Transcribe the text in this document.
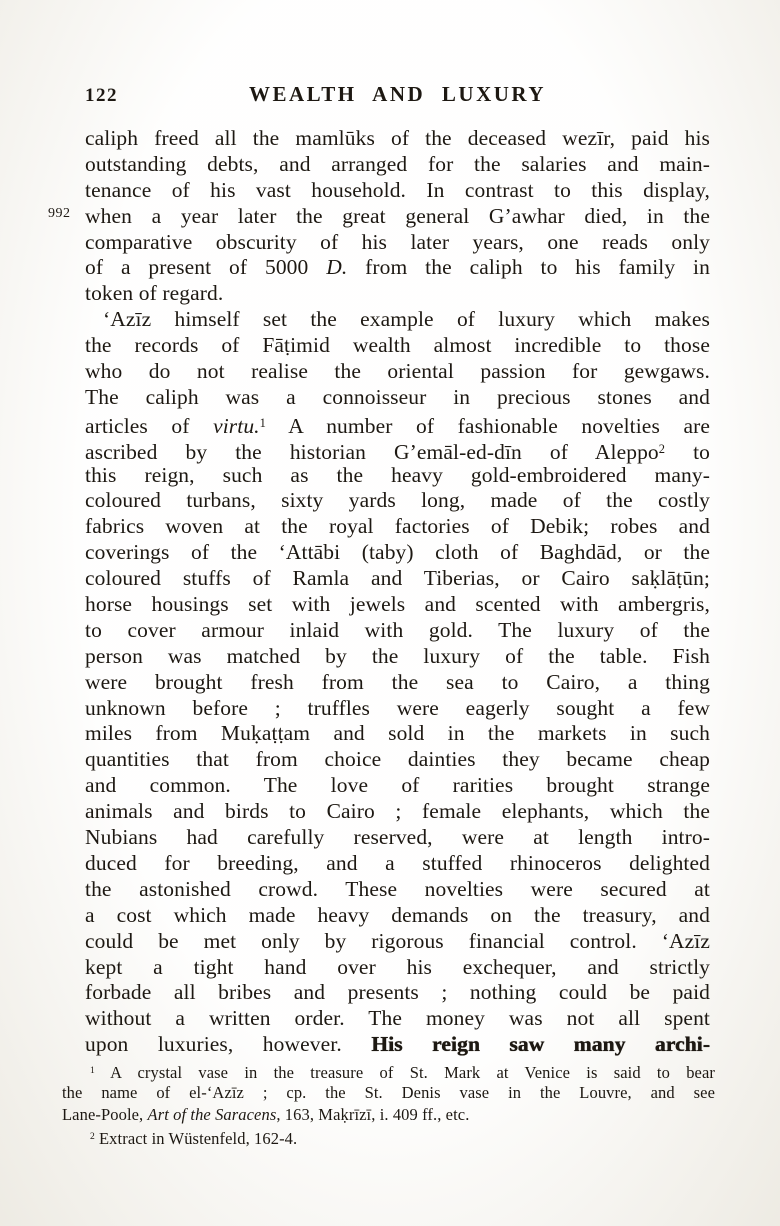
122	WEALTH AND LUXURY
992
caliph freed all the mamlūks of the deceased wezīr, paid his
outstanding debts, and arranged for the salaries and main-
tenance of his vast household. In contrast to this display,
when a year later the great general G’awhar died, in the
comparative obscurity of his later years, one reads only
of a present of 5000 D. from the caliph to his family in
token of regard.
‘Azīz himself set the example of luxury which makes
the records of Fāṭimid wealth almost incredible to those
who do not realise the oriental passion for gewgaws.
The caliph was a connoisseur in precious stones and
articles of virtu.$^1$ A number of fashionable novelties are
ascribed by the historian G’emāl-ed-dīn of Aleppo$^2$ to
this reign, such as the heavy gold-embroidered many-
coloured turbans, sixty yards long, made of the costly
fabrics woven at the royal factories of Debik; robes and
coverings of the ‘Attābi (taby) cloth of Baghdād, or the
coloured stuffs of Ramla and Tiberias, or Cairo saḳlāṭūn;
horse housings set with jewels and scented with ambergris,
to cover armour inlaid with gold. The luxury of the
person was matched by the luxury of the table. Fish
were brought fresh from the sea to Cairo, a thing
unknown before ; truffles were eagerly sought a few
miles from Muḳaṭṭam and sold in the markets in such
quantities that from choice dainties they became cheap
and common. The love of rarities brought strange
animals and birds to Cairo ; female elephants, which the
Nubians had carefully reserved, were at length intro-
duced for breeding, and a stuffed rhinoceros delighted
the astonished crowd. These novelties were secured at
a cost which made heavy demands on the treasury, and
could be met only by rigorous financial control. ‘Azīz
kept a tight hand over his exchequer, and strictly
forbade all bribes and presents ; nothing could be paid
without a written order. The money was not all spent
upon luxuries, however. His reign saw many archi-
$^1$ A crystal vase in the treasure of St. Mark at Venice is said to bear
the name of el-‘Azīz ; cp. the St. Denis vase in the Louvre, and see
Lane-Poole, Art of the Saracens, 163, Maḳrīzī, i. 409 ff., etc.
$^2$ Extract in Wüstenfeld, 162-4.
